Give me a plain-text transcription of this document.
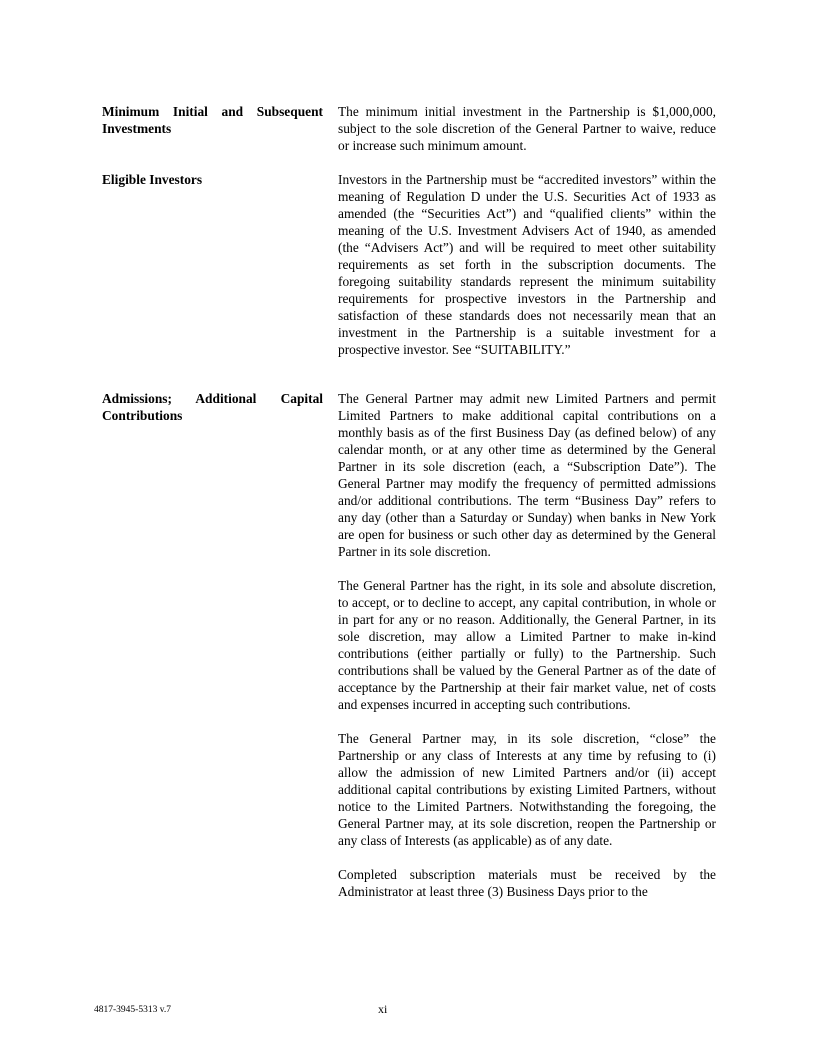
Minimum Initial and Subsequent Investments

The minimum initial investment in the Partnership is $1,000,000, subject to the sole discretion of the General Partner to waive, reduce or increase such minimum amount.

Eligible Investors	Investors in the Partnership must be “accredited investors” within the meaning of Regulation D under the U.S. Securities Act of 1933 as amended (the “Securities Act”) and “qualified clients” within the meaning of the U.S. Investment Advisers Act of 1940, as amended (the “Advisers Act”) and will be required to meet other suitability requirements as set forth in the subscription documents. The foregoing suitability standards represent the minimum suitability requirements for prospective investors in the Partnership and satisfaction of these standards does not necessarily mean that an investment in the Partnership is a suitable investment for a prospective investor. See “SUITABILITY.”

Admissions; Additional Capital Contributions

The General Partner may admit new Limited Partners and permit Limited Partners to make additional capital contributions on a monthly basis as of the first Business Day (as defined below) of any calendar month, or at any other time as determined by the General Partner in its sole discretion (each, a “Subscription Date”). The General Partner may modify the frequency of permitted admissions and/or additional contributions. The term “Business Day” refers to any day (other than a Saturday or Sunday) when banks in New York are open for business or such other day as determined by the General Partner in its sole discretion.

The General Partner has the right, in its sole and absolute discretion, to accept, or to decline to accept, any capital contribution, in whole or in part for any or no reason. Additionally, the General Partner, in its sole discretion, may allow a Limited Partner to make in-kind contributions (either partially or fully) to the Partnership. Such contributions shall be valued by the General Partner as of the date of acceptance by the Partnership at their fair market value, net of costs and expenses incurred in accepting such contributions.

The General Partner may, in its sole discretion, “close” the Partnership or any class of Interests at any time by refusing to (i) allow the admission of new Limited Partners and/or (ii) accept additional capital contributions by existing Limited Partners, without notice to the Limited Partners. Notwithstanding the foregoing, the General Partner may, at its sole discretion, reopen the Partnership or any class of Interests (as applicable) as of any date.

Completed subscription materials must be received by the Administrator at least three (3) Business Days prior to the

4817-3945-5313 v.7	xi
